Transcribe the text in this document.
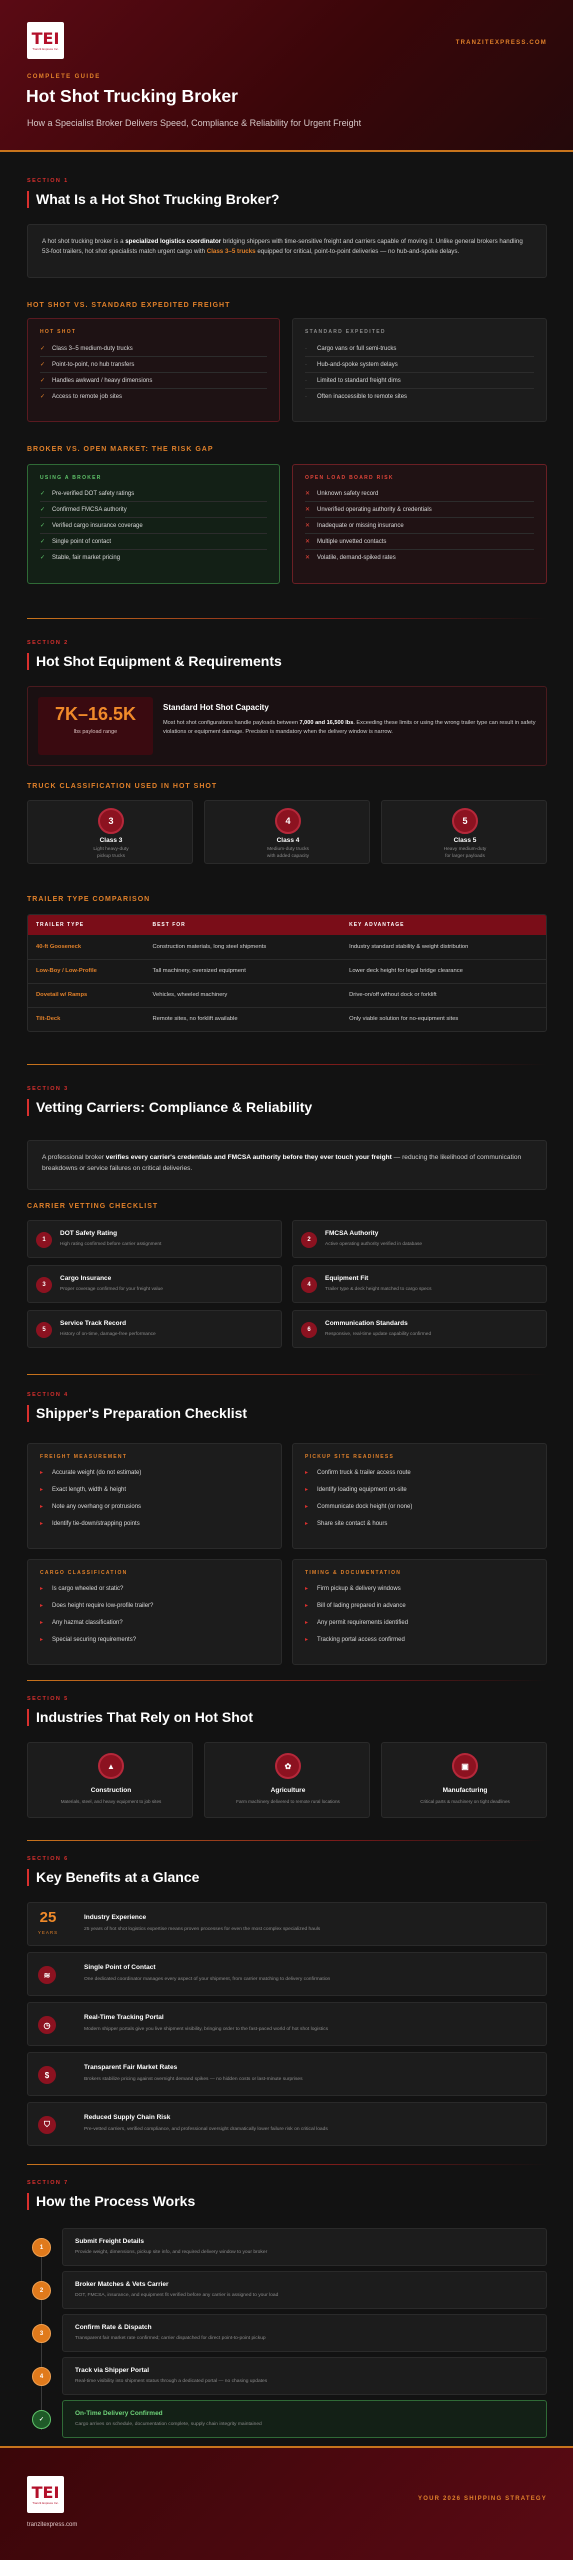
TEI
Tranzit Express Inc.
TRANZITEXPRESS.COM
COMPLETE GUIDE
Hot Shot Trucking Broker
How a Specialist Broker Delivers Speed, Compliance & Reliability for Urgent Freight
SECTION 1
What Is a Hot Shot Trucking Broker?

A hot shot trucking broker is a specialized logistics coordinator bridging shippers with time-sensitive freight and carriers capable of moving it. Unlike general brokers handling 53-foot trailers, hot shot specialists match urgent cargo with Class 3–5 trucks equipped for critical, point-to-point deliveries — no hub-and-spoke delays.

HOT SHOT VS. STANDARD EXPEDITED FREIGHT
HOT SHOT
✓ Class 3–5 medium-duty trucks
✓ Point-to-point, no hub transfers
✓ Handles awkward / heavy dimensions
✓ Access to remote job sites
STANDARD EXPEDITED
· Cargo vans or full semi-trucks
· Hub-and-spoke system delays
· Limited to standard freight dims
· Often inaccessible to remote sites
BROKER VS. OPEN MARKET: THE RISK GAP
USING A BROKER
✓ Pre-verified DOT safety ratings
✓ Confirmed FMCSA authority
✓ Verified cargo insurance coverage
✓ Single point of contact
✓ Stable, fair market pricing
OPEN LOAD BOARD RISK
✕ Unknown safety record
✕ Unverified operating authority & credentials
✕ Inadequate or missing insurance
✕ Multiple unvetted contacts
✕ Volatile, demand-spiked rates
SECTION 2
Hot Shot Equipment & Requirements
7K–16.5K
lbs payload range
Standard Hot Shot Capacity

Most hot shot configurations handle payloads between 7,000 and 16,500 lbs. Exceeding these limits or using the wrong trailer type can result in safety violations or equipment damage. Precision is mandatory when the delivery window is narrow.

TRUCK CLASSIFICATION USED IN HOT SHOT
3
Class 3
Light heavy-duty
pickup trucks
4
Class 4
Medium-duty trucks
with added capacity
5
Class 5
Heavy medium-duty
for larger payloads
TRAILER TYPE COMPARISON
TRAILER TYPE	BEST FOR	KEY ADVANTAGE
40-ft Gooseneck	Construction materials, long steel shipments	Industry standard stability & weight distribution
Low-Boy / Low-Profile	Tall machinery, oversized equipment	Lower deck height for legal bridge clearance
Dovetail w/ Ramps	Vehicles, wheeled machinery	Drive-on/off without dock or forklift
Tilt-Deck	Remote sites, no forklift available	Only viable solution for no-equipment sites
SECTION 3
Vetting Carriers: Compliance & Reliability

A professional broker verifies every carrier's credentials and FMCSA authority before they ever touch your freight — reducing the likelihood of communication breakdowns or service failures on critical deliveries.

CARRIER VETTING CHECKLIST
1
DOT Safety Rating
High rating confirmed before carrier assignment
2
FMCSA Authority
Active operating authority verified in database
3
Cargo Insurance
Proper coverage confirmed for your freight value
4
Equipment Fit
Trailer type & deck height matched to cargo specs
5
Service Track Record
History of on-time, damage-free performance
6
Communication Standards
Responsive, real-time update capability confirmed
SECTION 4
Shipper's Preparation Checklist
FREIGHT MEASUREMENT
▸ Accurate weight (do not estimate)
▸ Exact length, width & height
▸ Note any overhang or protrusions
▸ Identify tie-down/strapping points
PICKUP SITE READINESS
▸ Confirm truck & trailer access route
▸ Identify loading equipment on-site
▸ Communicate dock height (or none)
▸ Share site contact & hours
CARGO CLASSIFICATION
▸ Is cargo wheeled or static?
▸ Does height require low-profile trailer?
▸ Any hazmat classification?
▸ Special securing requirements?
TIMING & DOCUMENTATION
▸ Firm pickup & delivery windows
▸ Bill of lading prepared in advance
▸ Any permit requirements identified
▸ Tracking portal access confirmed
SECTION 5
Industries That Rely on Hot Shot
▲
Construction
Materials, steel, and heavy equipment to job sites
✿
Agriculture
Farm machinery delivered to remote rural locations
▣
Manufacturing
Critical parts & machinery on tight deadlines
SECTION 6
Key Benefits at a Glance
25
YEARS
Industry Experience
25 years of hot shot logistics expertise means proven processes for even the most complex specialized hauls
≋
Single Point of Contact
One dedicated coordinator manages every aspect of your shipment, from carrier matching to delivery confirmation
◷
Real-Time Tracking Portal
Modern shipper portals give you live shipment visibility, bringing order to the fast-paced world of hot shot logistics
$
Transparent Fair Market Rates
Brokers stabilize pricing against overnight demand spikes — no hidden costs or last-minute surprises
⛉
Reduced Supply Chain Risk
Pre-vetted carriers, verified compliance, and professional oversight dramatically lower failure risk on critical loads
SECTION 7
How the Process Works
1
Submit Freight Details
Provide weight, dimensions, pickup site info, and required delivery window to your broker
2
Broker Matches & Vets Carrier
DOT, FMCSA, insurance, and equipment fit verified before any carrier is assigned to your load
3
Confirm Rate & Dispatch
Transparent fair market rate confirmed; carrier dispatched for direct point-to-point pickup
4
Track via Shipper Portal
Real-time visibility into shipment status through a dedicated portal — no chasing updates
✓
On-Time Delivery Confirmed
Cargo arrives on schedule, documentation complete, supply chain integrity maintained
TEI
Tranzit Express Inc.
tranzitexpress.com
YOUR 2026 SHIPPING STRATEGY
